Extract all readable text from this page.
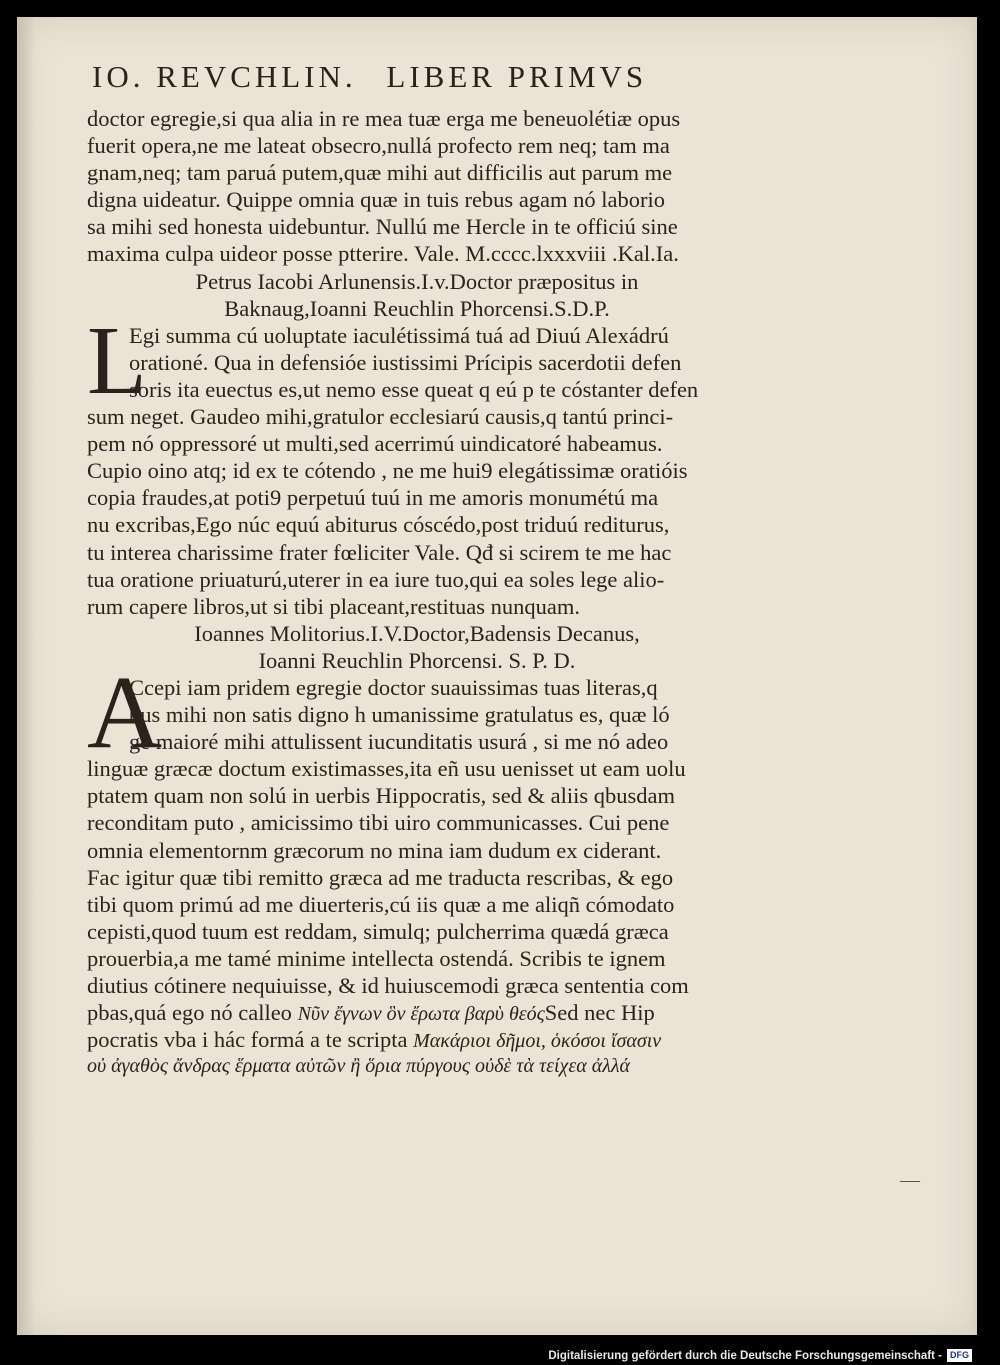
IO. REVCHLIN. LIBER PRIMVS
doctor egregie,si qua alia in re mea tuæ erga me beneuolétiæ opus
fuerit opera,ne me lateat obsecro,nullá profecto rem neq; tam ma
gnam,neq; tam paruá putem,quæ mihi aut difficilis aut parum me
digna uideatur. Quippe omnia quæ in tuis rebus agam nó laborio
sa mihi sed honesta uidebuntur. Nullú me Hercle in te officiú sine
maxima culpa uideor posse ptterire. Vale. M.cccc.lxxxviii .Kal.Ia.
Petrus Iacobi Arlunensis.I.v.Doctor præpositus in
Baknaug,Ioanni Reuchlin Phorcensi.S.D.P.
L
Egi summa cú uoluptate iaculétissimá tuá ad Diuú Alexádrú
orationé. Qua in defensióe iustissimi Prícipis sacerdotii defen
soris ita euectus es,ut nemo esse queat q eú p te cóstanter defen
sum neget. Gaudeo mihi,gratulor ecclesiarú causis,q tantú princi-
pem nó oppressoré ut multi,sed acerrimú uindicatoré habeamus.
Cupio oino atq; id ex te cótendo , ne me hui9 elegátissimæ oratióis
copia fraudes,at poti9 perpetuú tuú in me amoris monumétú ma
nu excribas,Ego núc equú abiturus cóscédo,post triduú rediturus,
tu interea charissime frater fœliciter Vale. Qđ si scirem te me hac
tua oratione priuaturú,uterer in ea iure tuo,qui ea soles lege alio-
rum capere libros,ut si tibi placeant,restituas nunquam.
Ioannes Molitorius.I.V.Doctor,Badensis Decanus,
Ioanni Reuchlin Phorcensi. S. P. D.
A
Ccepi iam pridem egregie doctor suauissimas tuas literas,q
bus mihi non satis digno h umanissime gratulatus es, quæ ló
ge maioré mihi attulissent iucunditatis usurá , si me nó adeo
linguæ græcæ doctum existimasses,ita eñ usu uenisset ut eam uolu
ptatem quam non solú in uerbis Hippocratis, sed & aliis qbusdam
reconditam puto , amicissimo tibi uiro communicasses. Cui pene
omnia elementornm græcorum no mina iam dudum ex ciderant.
Fac igitur quæ tibi remitto græca ad me traducta rescribas, & ego
tibi quom primú ad me diuerteris,cú iis quæ a me aliqñ cómodato
cepisti,quod tuum est reddam, simulq; pulcherrima quædá græca
prouerbia,a me tamé minime intellecta ostendá. Scribis te ignem
diutius cótinere nequiuisse, & id huiuscemodi græca sententia com
pbas,quá ego nó calleo Νῦν ἔγνων ὃν ἔρωτα βαρὺ θεόςSed nec Hip
pocratis vba i hác formá a te scripta Μακάριοι δῆμοι, ὁκόσοι ἴσασιν
οὐ ἀγαθὸς ἄνδρας ἕρματα αὐτῶν ἢ ὅρια πύργους οὐδὲ τὰ τείχεα ἀλλά
—
Digitalisierung gefördert durch die Deutsche Forschungsgemeinschaft - DFG
